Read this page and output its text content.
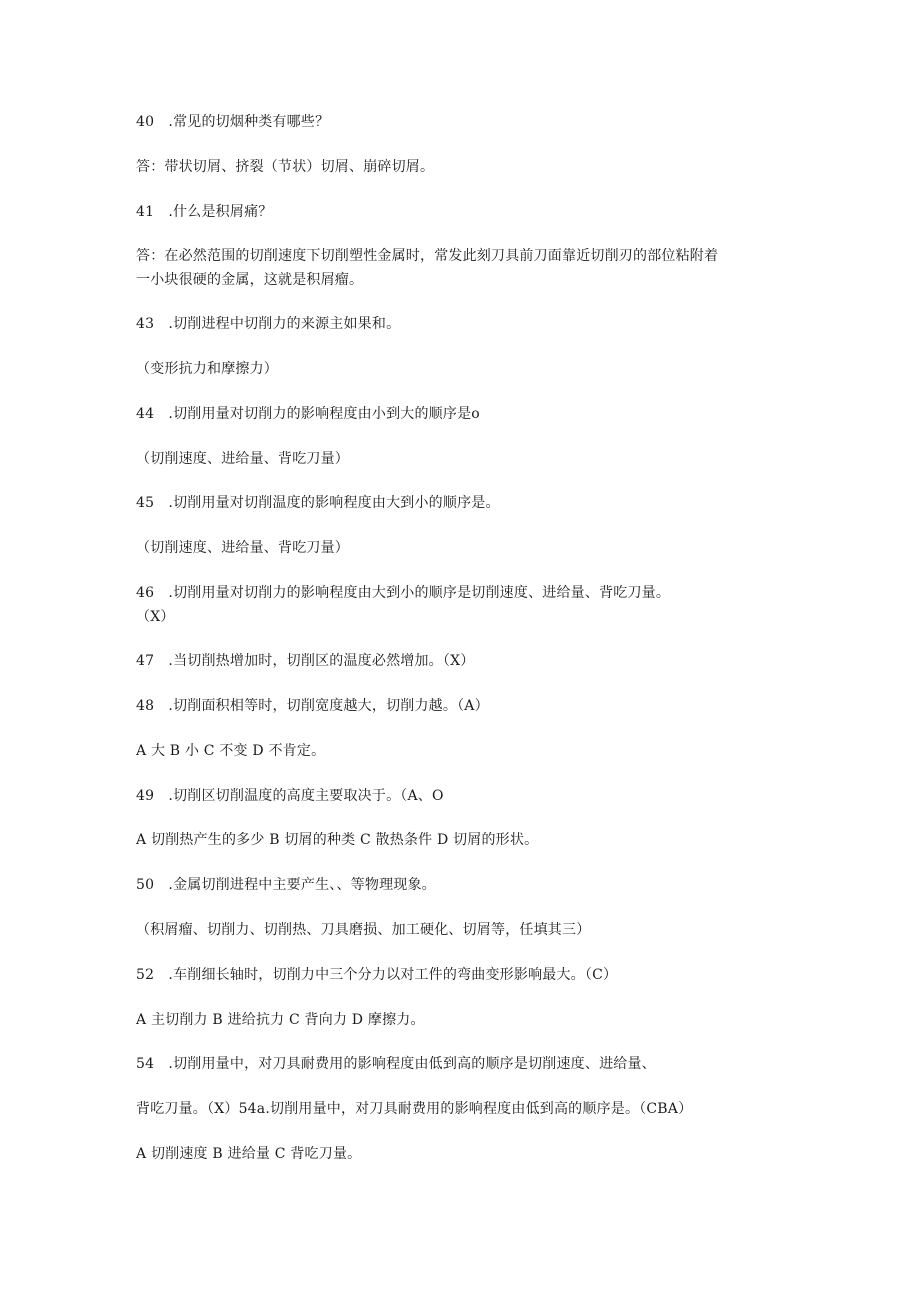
40　.常见的切烟种类有哪些？
答：带状切屑、挤裂（节状）切屑、崩碎切屑。
41　.什么是积屑痛？
答：在必然范围的切削速度下切削塑性金属时，常发此刻刀具前刀面靠近切削刃的部位粘附着
一小块很硬的金属，这就是积屑瘤。
43　.切削进程中切削力的来源主如果和。
（变形抗力和摩擦力）
44　.切削用量对切削力的影响程度由小到大的顺序是o
（切削速度、进给量、背吃刀量）
45　.切削用量对切削温度的影响程度由大到小的顺序是。
（切削速度、进给量、背吃刀量）
46　.切削用量对切削力的影响程度由大到小的顺序是切削速度、进给量、背吃刀量。
（X）
47　.当切削热增加时，切削区的温度必然增加。（X）
48　.切削面积相等时，切削宽度越大，切削力越。（A）
A 大 B 小 C 不变 D 不肯定。
49　.切削区切削温度的高度主要取决于。（A、O
A 切削热产生的多少 B 切屑的种类 C 散热条件 D 切屑的形状。
50　.金属切削进程中主要产生、、等物理现象。
（积屑瘤、切削力、切削热、刀具磨损、加工硬化、切屑等，任填其三）
52　.车削细长轴时，切削力中三个分力以对工件的弯曲变形影响最大。（C）
A 主切削力 B 进给抗力 C 背向力 D 摩擦力。
54　.切削用量中，对刀具耐费用的影响程度由低到高的顺序是切削速度、进给量、
背吃刀量。（X）54a.切削用量中，对刀具耐费用的影响程度由低到高的顺序是。（CBA）
A 切削速度 B 进给量 C 背吃刀量。
